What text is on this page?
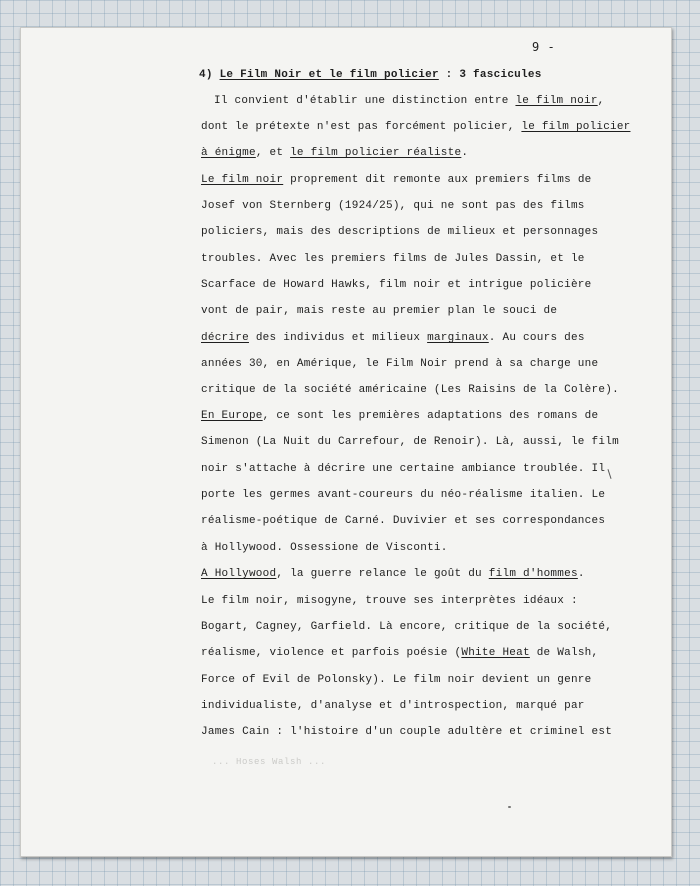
9 -
4) Le Film Noir et le film policier : 3 fascicules
Il convient d'établir une distinction entre le film noir,
dont le prétexte n'est pas forcément policier, le film policier
à énigme, et le film policier réaliste.
Le film noir proprement dit remonte aux premiers films de
Josef von Sternberg (1924/25), qui ne sont pas des films
policiers, mais des descriptions de milieux et personnages
troubles. Avec les premiers films de Jules Dassin, et le
Scarface de Howard Hawks, film noir et intrigue policière
vont de pair, mais reste au premier plan le souci de
décrire des individus et milieux marginaux. Au cours des
années 30, en Amérique, le Film Noir prend à sa charge une
critique de la société américaine (Les Raisins de la Colère).
En Europe, ce sont les premières adaptations des romans de
Simenon (La Nuit du Carrefour, de Renoir). Là, aussi, le film
noir s'attache à décrire une certaine ambiance troublée. Il
porte les germes avant-coureurs du néo-réalisme italien. Le
réalisme-poétique de Carné. Duvivier et ses correspondances
à Hollywood. Ossessione de Visconti.
A Hollywood, la guerre relance le goût du film d'hommes.
Le film noir, misogyne, trouve ses interprètes idéaux :
Bogart, Cagney, Garfield. Là encore, critique de la société,
réalisme, violence et parfois poésie (White Heat de Walsh,
Force of Evil de Polonsky). Le film noir devient un genre
individualiste, d'analyse et d'introspection, marqué par
James Cain : l'histoire d'un couple adultère et criminel est
... Hoses Walsh ...
